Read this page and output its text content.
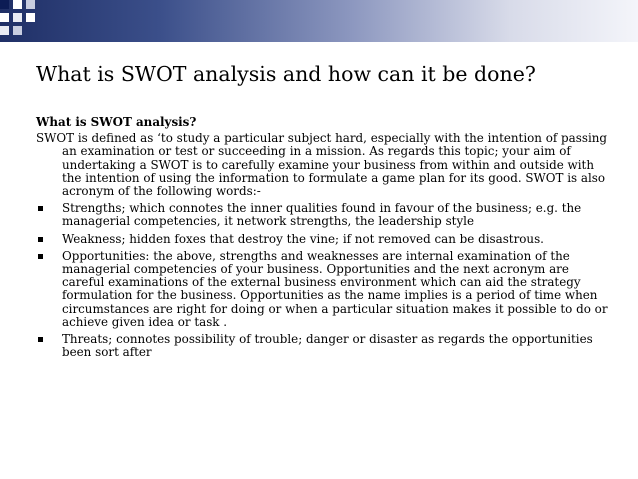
What is SWOT analysis and how can it be done?
What is SWOT analysis?
SWOT is defined as ‘to study a particular subject hard, especially with the intention of passing an examination or test or succeeding in a mission. As regards this topic; your aim of undertaking a SWOT is to carefully examine your business from within and outside with the intention of using the information to formulate a game plan for its good. SWOT is also acronym of the following words:-
Strengths; which connotes the inner qualities found in favour of the business; e.g. the managerial competencies, it network strengths, the leadership style
Weakness; hidden foxes that destroy the vine; if not removed can be disastrous.
Opportunities: the above, strengths and weaknesses are internal examination of the managerial competencies of your business. Opportunities and the next acronym are careful examinations of the external business environment which can aid the strategy formulation for the business. Opportunities as the name implies is a period of time when circumstances are right for doing or when a particular situation makes it possible to do or achieve given idea or task .
Threats; connotes possibility of trouble; danger or disaster as regards the opportunities been sort after
